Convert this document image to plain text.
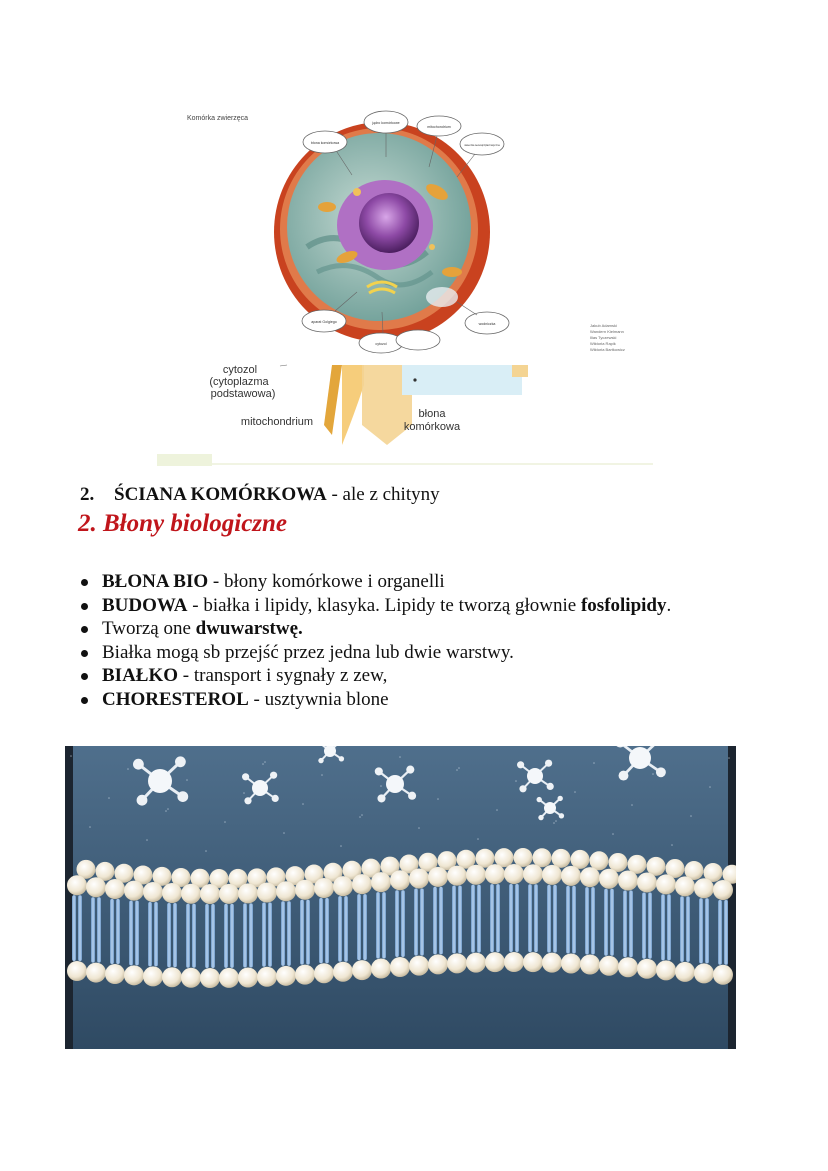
Komórka zwierzęca
błona komórkowa
jądro komórkowe
mitochondrium
siateczka wewnątrzplazmatyczna
aparat Golgiego	wodniczka
cytozol
Jakub Adamski
Wandern Kielmann
Ilias Tyczewski
Wiktoria Rapik
Wiktoria Bartkowicz
cytozol
(cytoplazma
podstawowa)
mitochondrium
błona
komórkowa
2. ŚCIANA KOMÓRKOWA - ale z chityny
2. Błony biologiczne
BŁONA BIO - błony komórkowe i organelli
BUDOWA - białka i lipidy, klasyka. Lipidy te tworzą głownie fosfolipidy.
Tworzą one dwuwarstwę.
Białka mogą sb przejść przez jedna lub dwie warstwy.
BIAŁKO - transport i sygnały z zew,
CHORESTEROL - usztywnia blone
